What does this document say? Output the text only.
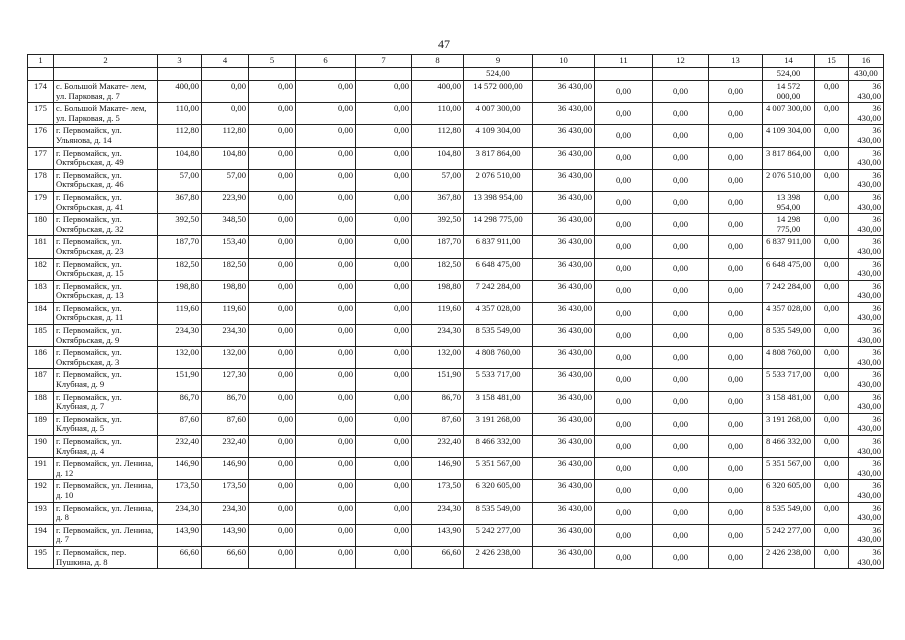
47
1	2	3	4	5	6	7	8	9	10	11	12	13	14	15	16
								524,00					524,00		430,00
174	с. Большой Макате- лем, ул. Парковая, д. 7	400,00	0,00	0,00	0,00	0,00	400,00	14 572 000,00	36 430,00	0,00	0,00	0,00	14 572 000,00	0,00	36 430,00
175	с. Большой Макате- лем, ул. Парковая, д. 5	110,00	0,00	0,00	0,00	0,00	110,00	4 007 300,00	36 430,00	0,00	0,00	0,00	4 007 300,00	0,00	36 430,00
176	г. Первомайск, ул. Ульянова, д. 14	112,80	112,80	0,00	0,00	0,00	112,80	4 109 304,00	36 430,00	0,00	0,00	0,00	4 109 304,00	0,00	36 430,00
177	г. Первомайск, ул. Октябрьская, д. 49	104,80	104,80	0,00	0,00	0,00	104,80	3 817 864,00	36 430,00	0,00	0,00	0,00	3 817 864,00	0,00	36 430,00
178	г. Первомайск, ул. Октябрьская, д. 46	57,00	57,00	0,00	0,00	0,00	57,00	2 076 510,00	36 430,00	0,00	0,00	0,00	2 076 510,00	0,00	36 430,00
179	г. Первомайск, ул. Октябрьская, д. 41	367,80	223,90	0,00	0,00	0,00	367,80	13 398 954,00	36 430,00	0,00	0,00	0,00	13 398 954,00	0,00	36 430,00
180	г. Первомайск, ул. Октябрьская, д. 32	392,50	348,50	0,00	0,00	0,00	392,50	14 298 775,00	36 430,00	0,00	0,00	0,00	14 298 775,00	0,00	36 430,00
181	г. Первомайск, ул. Октябрьская, д. 23	187,70	153,40	0,00	0,00	0,00	187,70	6 837 911,00	36 430,00	0,00	0,00	0,00	6 837 911,00	0,00	36 430,00
182	г. Первомайск, ул. Октябрьская, д. 15	182,50	182,50	0,00	0,00	0,00	182,50	6 648 475,00	36 430,00	0,00	0,00	0,00	6 648 475,00	0,00	36 430,00
183	г. Первомайск, ул. Октябрьская, д. 13	198,80	198,80	0,00	0,00	0,00	198,80	7 242 284,00	36 430,00	0,00	0,00	0,00	7 242 284,00	0,00	36 430,00
184	г. Первомайск, ул. Октябрьская, д. 11	119,60	119,60	0,00	0,00	0,00	119,60	4 357 028,00	36 430,00	0,00	0,00	0,00	4 357 028,00	0,00	36 430,00
185	г. Первомайск, ул. Октябрьская, д. 9	234,30	234,30	0,00	0,00	0,00	234,30	8 535 549,00	36 430,00	0,00	0,00	0,00	8 535 549,00	0,00	36 430,00
186	г. Первомайск, ул. Октябрьская, д. 3	132,00	132,00	0,00	0,00	0,00	132,00	4 808 760,00	36 430,00	0,00	0,00	0,00	4 808 760,00	0,00	36 430,00
187	г. Первомайск, ул. Клубная, д. 9	151,90	127,30	0,00	0,00	0,00	151,90	5 533 717,00	36 430,00	0,00	0,00	0,00	5 533 717,00	0,00	36 430,00
188	г. Первомайск, ул. Клубная, д. 7	86,70	86,70	0,00	0,00	0,00	86,70	3 158 481,00	36 430,00	0,00	0,00	0,00	3 158 481,00	0,00	36 430,00
189	г. Первомайск, ул. Клубная, д. 5	87,60	87,60	0,00	0,00	0,00	87,60	3 191 268,00	36 430,00	0,00	0,00	0,00	3 191 268,00	0,00	36 430,00
190	г. Первомайск, ул. Клубная, д. 4	232,40	232,40	0,00	0,00	0,00	232,40	8 466 332,00	36 430,00	0,00	0,00	0,00	8 466 332,00	0,00	36 430,00
191	г. Первомайск, ул. Ленина, д. 12	146,90	146,90	0,00	0,00	0,00	146,90	5 351 567,00	36 430,00	0,00	0,00	0,00	5 351 567,00	0,00	36 430,00
192	г. Первомайск, ул. Ленина, д. 10	173,50	173,50	0,00	0,00	0,00	173,50	6 320 605,00	36 430,00	0,00	0,00	0,00	6 320 605,00	0,00	36 430,00
193	г. Первомайск, ул. Ленина, д. 8	234,30	234,30	0,00	0,00	0,00	234,30	8 535 549,00	36 430,00	0,00	0,00	0,00	8 535 549,00	0,00	36 430,00
194	г. Первомайск, ул. Ленина, д. 7	143,90	143,90	0,00	0,00	0,00	143,90	5 242 277,00	36 430,00	0,00	0,00	0,00	5 242 277,00	0,00	36 430,00
195	г. Первомайск, пер. Пушкина, д. 8	66,60	66,60	0,00	0,00	0,00	66,60	2 426 238,00	36 430,00	0,00	0,00	0,00	2 426 238,00	0,00	36 430,00
